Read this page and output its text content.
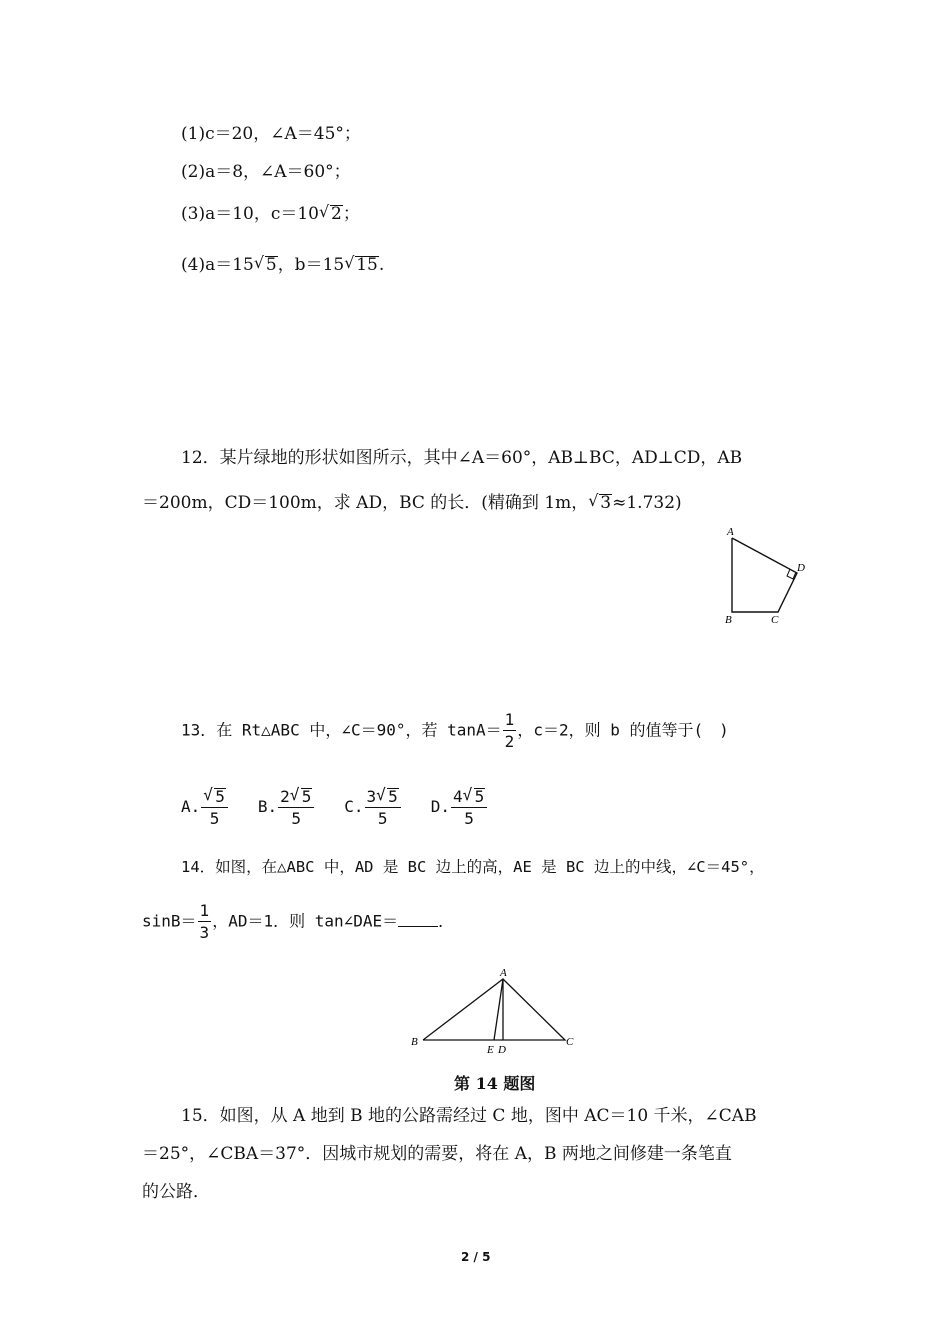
(1)c＝20，∠A＝45°；
(2)a＝8，∠A＝60°；
(3)a＝10，c＝10 √ 2；
(4)a＝15 √ 5，b＝15 √ 15.
12．某片绿地的形状如图所示，其中∠A＝60°，AB⊥BC，AD⊥CD，AB
＝200m，CD＝100m，求 AD，BC 的长．(精确到 1m， √ 3≈1.732)
A
B	C
D
13．在 Rt△ABC 中，∠C＝90°，若 $\tan A= \frac{1}{2}$ ，c＝2，则 b 的值等于(　)
A. √ $\frac{5}{5} B$. $\frac{2 √ 5}{5} C$. $\frac{3 √ 5}{5} D$. $\frac{4 √ 5}{5}$
14．如图，在△ABC 中，AD 是 BC 边上的高，AE 是 BC 边上的中线，∠C＝45°，
$\sin B= \frac{1}{3}$ ，AD＝1．则 tan∠DAE＝	．
A
B	C
E D
第 14 题图
15．如图，从 A 地到 B 地的公路需经过 C 地，图中 AC＝10 千米，∠CAB
＝25°，∠CBA＝37°．因城市规划的需要，将在 A，B 两地之间修建一条笔直
的公路．
2 / 5
